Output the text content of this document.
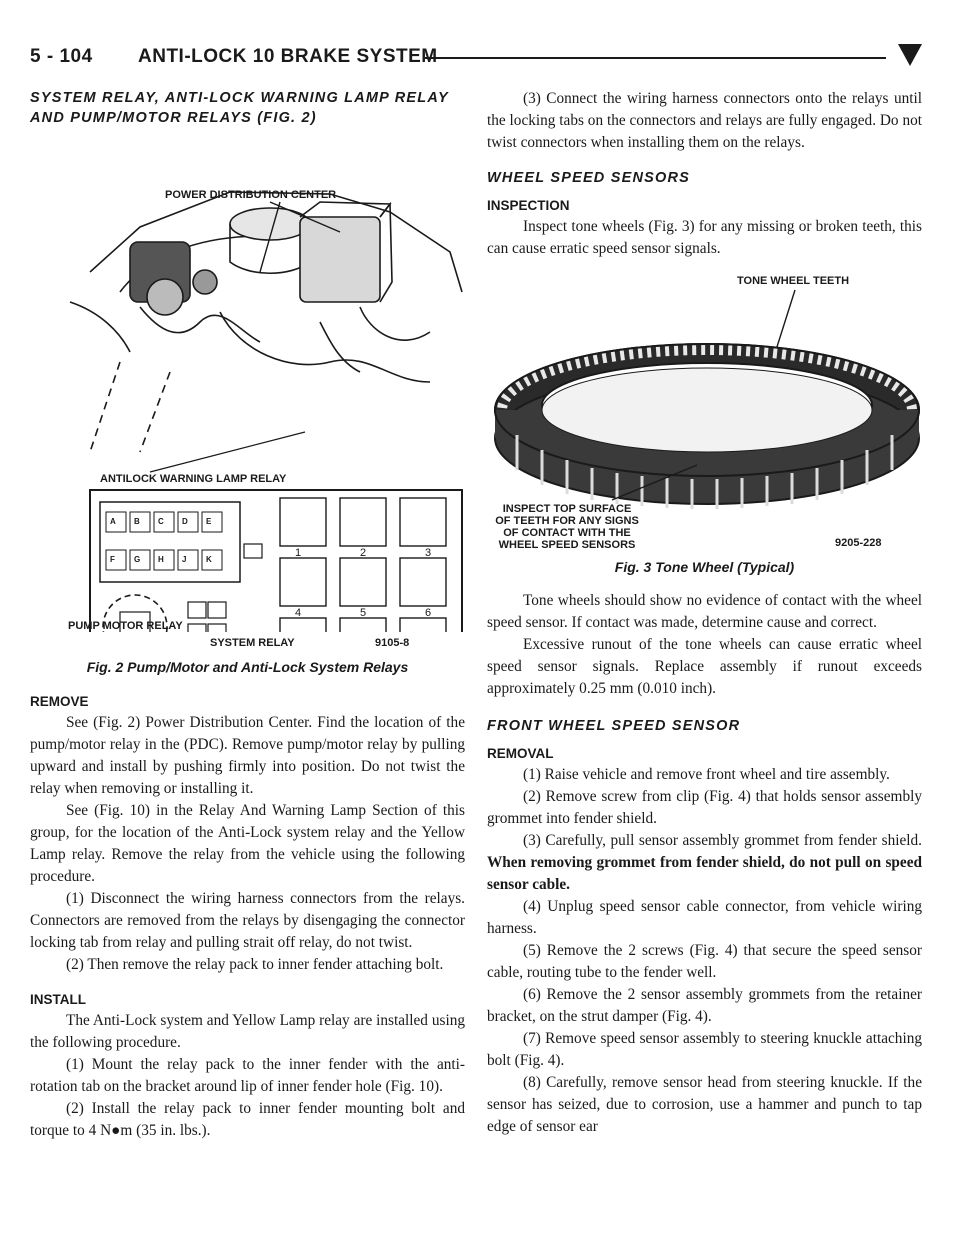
5 - 104 ANTI-LOCK 10 BRAKE SYSTEM
SYSTEM RELAY, ANTI-LOCK WARNING LAMP RELAY AND PUMP/MOTOR RELAYS (FIG. 2)
POWER DISTRIBUTION CENTER
ANTILOCK WARNING LAMP RELAY
A B C D E
F G H J K
1	2	3
4	5	6
PUMP MOTOR RELAY
SYSTEM RELAY	9105-8
Fig. 2 Pump/Motor and Anti-Lock System Relays
REMOVE

See (Fig. 2) Power Distribution Center. Find the location of the pump/motor relay in the (PDC). Remove pump/motor relay by pulling upward and install by pushing firmly into position. Do not twist the relay when removing or installing it.

See (Fig. 10) in the Relay And Warning Lamp Section of this group, for the location of the Anti-Lock system relay and the Yellow Lamp relay. Remove the relay from the vehicle using the following procedure.

(1) Disconnect the wiring harness connectors from the relays. Connectors are removed from the relays by disengaging the connector locking tab from relay and pulling strait off relay, do not twist.

(2) Then remove the relay pack to inner fender attaching bolt.

INSTALL

The Anti-Lock system and Yellow Lamp relay are installed using the following procedure.

(1) Mount the relay pack to the inner fender with the anti-rotation tab on the bracket around lip of inner fender hole (Fig. 10).

(2) Install the relay pack to inner fender mounting bolt and torque to 4 N●m (35 in. lbs.).

(3) Connect the wiring harness connectors onto the relays until the locking tabs on the connectors and relays are fully engaged. Do not twist connectors when installing them on the relays.

WHEEL SPEED SENSORS
INSPECTION

Inspect tone wheels (Fig. 3) for any missing or broken teeth, this can cause erratic speed sensor signals.

TONE WHEEL TEETH
INSPECT TOP SURFACE
OF TEETH FOR ANY SIGNS
OF CONTACT WITH THE
WHEEL SPEED SENSORS	9205-228
Fig. 3 Tone Wheel (Typical)

Tone wheels should show no evidence of contact with the wheel speed sensor. If contact was made, determine cause and correct.

Excessive runout of the tone wheels can cause erratic wheel speed sensor signals. Replace assembly if runout exceeds approximately 0.25 mm (0.010 inch).

FRONT WHEEL SPEED SENSOR
REMOVAL

(1) Raise vehicle and remove front wheel and tire assembly.

(2) Remove screw from clip (Fig. 4) that holds sensor assembly grommet into fender shield.

(3) Carefully, pull sensor assembly grommet from fender shield. When removing grommet from fender shield, do not pull on speed sensor cable.

(4) Unplug speed sensor cable connector, from vehicle wiring harness.

(5) Remove the 2 screws (Fig. 4) that secure the speed sensor cable, routing tube to the fender well.

(6) Remove the 2 sensor assembly grommets from the retainer bracket, on the strut damper (Fig. 4).

(7) Remove speed sensor assembly to steering knuckle attaching bolt (Fig. 4).

(8) Carefully, remove sensor head from steering knuckle. If the sensor has seized, due to corrosion, use a hammer and punch to tap edge of sensor ear
